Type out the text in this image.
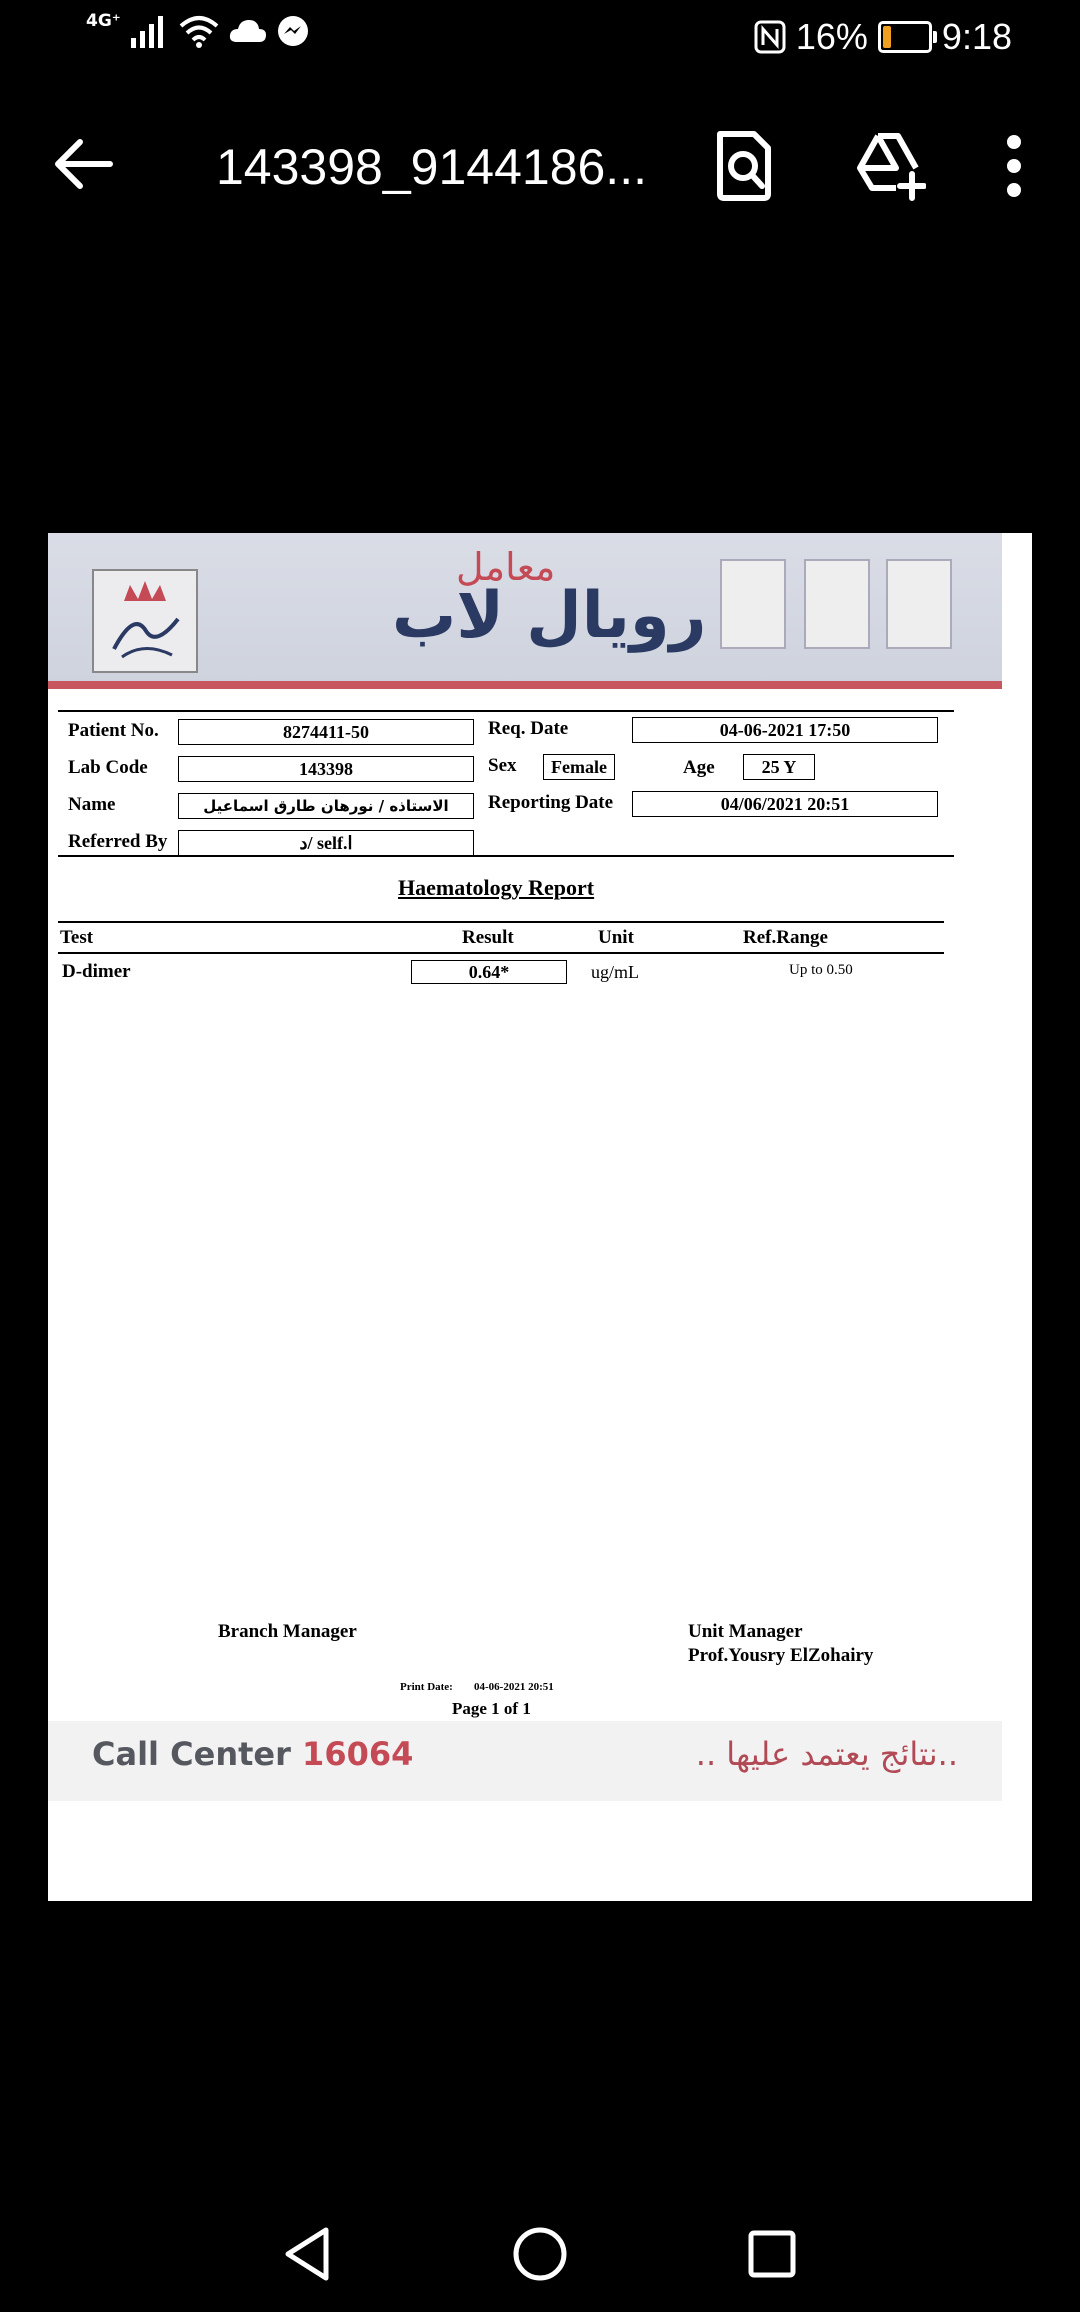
4G⁺	16% 9:18
143398_9144186...
معامل
رويال لاب
Patient No.	8274411-50	Req. Date	04-06-2021 17:50
Lab Code	143398	Sex	Female	Age	25 Y
Name	الاستاذه / نورهان طارق اسماعيل	Reporting Date	04/06/2021 20:51
Referred By	د/ self.ا
Haematology Report
Test	Result	Unit	Ref.Range
D-dimer	0.64*	ug/mL	Up to 0.50
Branch Manager	Unit Manager
Prof.Yousry ElZohairy
Print Date: 04-06-2021 20:51
Page 1 of 1
Call Center 16064	..نتائج يعتمد عليها ..
